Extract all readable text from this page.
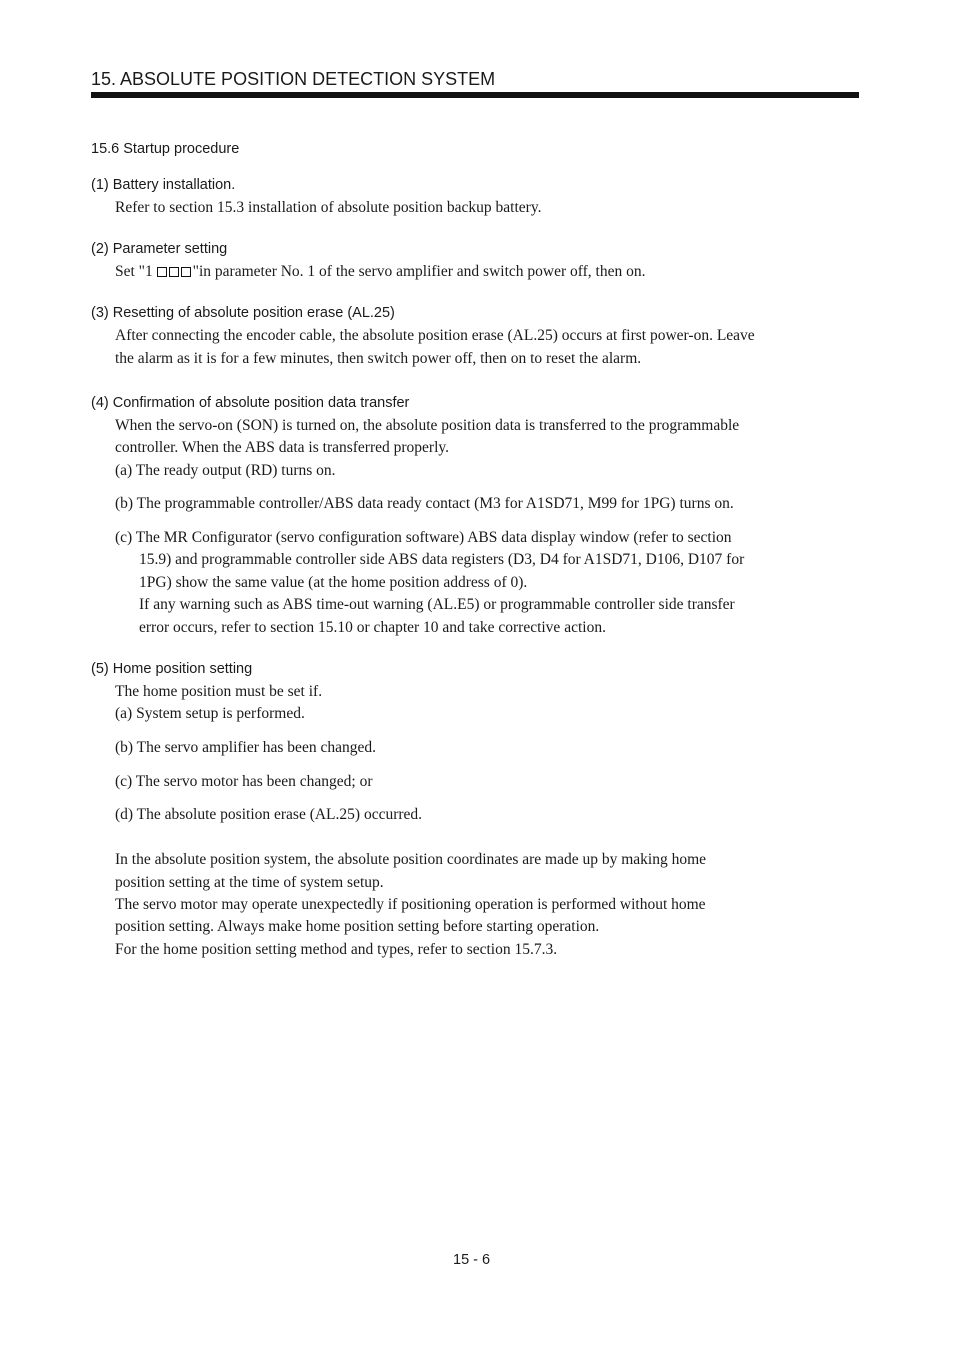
15. ABSOLUTE POSITION DETECTION SYSTEM
15.6 Startup procedure
(1) Battery installation.
Refer to section 15.3 installation of absolute position backup battery.
(2) Parameter setting
Set "1 "in parameter No. 1 of the servo amplifier and switch power off, then on.
(3) Resetting of absolute position erase (AL.25)
After connecting the encoder cable, the absolute position erase (AL.25) occurs at first power-on. Leave
the alarm as it is for a few minutes, then switch power off, then on to reset the alarm.
(4) Confirmation of absolute position data transfer
When the servo-on (SON) is turned on, the absolute position data is transferred to the programmable
controller. When the ABS data is transferred properly.
(a) The ready output (RD) turns on.
(b) The programmable controller/ABS data ready contact (M3 for A1SD71, M99 for 1PG) turns on.
(c) The MR Configurator (servo configuration software) ABS data display window (refer to section
15.9) and programmable controller side ABS data registers (D3, D4 for A1SD71, D106, D107 for
1PG) show the same value (at the home position address of 0).
If any warning such as ABS time-out warning (AL.E5) or programmable controller side transfer
error occurs, refer to section 15.10 or chapter 10 and take corrective action.
(5) Home position setting
The home position must be set if.
(a) System setup is performed.
(b) The servo amplifier has been changed.
(c) The servo motor has been changed; or
(d) The absolute position erase (AL.25) occurred.
In the absolute position system, the absolute position coordinates are made up by making home
position setting at the time of system setup.
The servo motor may operate unexpectedly if positioning operation is performed without home
position setting. Always make home position setting before starting operation.
For the home position setting method and types, refer to section 15.7.3.
15 - 6
